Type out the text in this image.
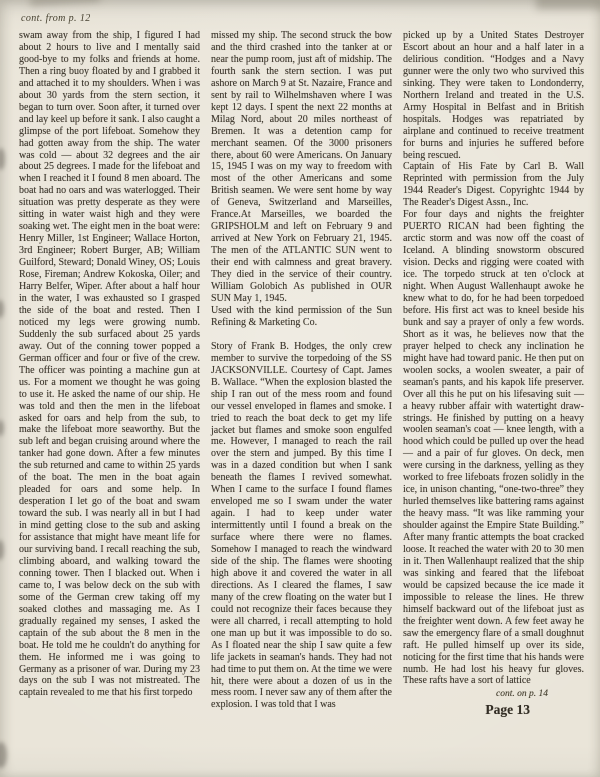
cont. from p. 12

swam away from the ship, I figured I had about 2 hours to live and I mentally said good-bye to my folks and friends at home. Then a ring buoy floated by and I grabbed it and attached it to my shoulders. When i was about 30 yards from the stern section, it began to turn over. Soon after, it turned over and lay keel up before it sank. I also caught a glimpse of the port lifeboat. Somehow they had gotten away from the ship. The water was cold — about 32 degrees and the air about 25 degrees. I made for the lifeboat and when I reached it I found 8 men aboard. The boat had no oars and was waterlogged. Their situation was pretty desperate as they were sitting in water waist high and they were soaking wet. The eight men in the boat were: Henry Miller, 1st Engineer; Wallace Horton, 3rd Engineer; Robert Burger, AB; William Guilford, Steward; Donald Winey, OS; Louis Rose, Fireman; Andrew Kokoska, Oiler; and Harry Belfer, Wiper. After about a half hour in the water, I was exhausted so I grasped the side of the boat and rested. Then I noticed my legs were growing numb. Suddenly the sub surfaced about 25 yards away. Out of the conning tower popped a German officer and four or five of the crew. The officer was pointing a machine gun at us. For a moment we thought he was going to use it. He asked the name of our ship. He was told and then the men in the lifeboat asked for oars and help from the sub, to make the lifeboat more seaworthy. But the sub left and began cruising around where the tanker had gone down. After a few minutes the sub returned and came to within 25 yards of the boat. The men in the boat again pleaded for oars and some help. In desperation I let go of the boat and swam toward the sub. I was nearly all in but I had in mind getting close to the sub and asking for assistance that might have meant life for our surviving band. I recall reaching the sub, climbing aboard, and walking toward the conning tower. Then I blacked out. When i came to, I was below deck on the sub with some of the German crew taking off my soaked clothes and massaging me. As I gradually regained my senses, I asked the captain of the sub about the 8 men in the boat. He told me he couldn't do anything for them. He informed me i was going to Germany as a prisoner of war. During my 23 days on the sub I was not mistreated. The captain revealed to me that his first torpedo

missed my ship. The second struck the bow and the third crashed into the tanker at or near the pump room, just aft of midship. The fourth sank the stern section. I was put ashore on March 9 at St. Nazaire, France and sent by rail to Wilhelmshaven where I was kept 12 days. I spent the next 22 months at Milag Nord, about 20 miles northeast of Bremen. It was a detention camp for merchant seamen. Of the 3000 prisoners there, about 60 were Americans. On January 15, 1945 I was on my way to freedom with most of the other Americans and some British seamen. We were sent home by way of Geneva, Switzerland and Marseilles, France.At Marseilles, we boarded the GRIPSHOLM and left on February 9 and arrived at New York on February 21, 1945. The men of the ATLANTIC SUN went to their end with calmness and great bravery. They died in the service of their country. William Golobich As published in OUR SUN May 1, 1945.

Used with the kind permission of the Sun Refining & Marketing Co.

Story of Frank B. Hodges, the only crew member to survive the torpedoing of the SS JACKSONVILLE. Courtesy of Capt. James B. Wallace. “When the explosion blasted the ship I ran out of the mess room and found our vessel enveloped in flames and smoke. I tried to reach the boat deck to get my life jacket but flames and smoke soon engulfed me. However, I managed to reach the rail over the stern and jumped. By this time I was in a dazed condition but when I sank beneath the flames I revived somewhat. When I came to the surface I found flames enveloped me so I swam under the water again. I had to keep under water intermittently until I found a break on the surface where there were no flames. Somehow I managed to reach the windward side of the ship. The flames were shooting high above it and covered the water in all directions. As I cleared the flames, I saw many of the crew floating on the water but I could not recognize their faces because they were all charred, i recall attempting to hold one man up but it was impossible to do so. As I floated near the ship I saw quite a few life jackets in seaman's hands. They had not had time to put them on. At the time we were hit, there were about a dozen of us in the mess room. I never saw any of them after the explosion. I was told that I was

picked up by a United States Destroyer Escort about an hour and a half later in a delirious condition. “Hodges and a Navy gunner were the only two who survived this sinking. They were taken to Londonderry, Northern Ireland and treated in the U.S. Army Hospital in Belfast and in British hospitals. Hodges was repatriated by airplane and continued to receive treatment for burns and injuries he suffered before being rescued.

Captain of His Fate by Carl B. Wall Reprinted with permission from the July 1944 Reader's Digest. Copyrightc 1944 by The Reader's Digest Assn., Inc.

For four days and nights the freighter PUERTO RICAN had been fighting the arctic storm and was now off the coast of Iceland. A blinding snowstorm obscured vision. Decks and rigging were coated with ice. The torpedo struck at ten o'clock at night. When August Wallenhaupt awoke he knew what to do, for he had been torpedoed before. His first act was to kneel beside his bunk and say a prayer of only a few words. Short as it was, he believes now that the prayer helped to check any inclination he might have had toward panic. He then put on woolen socks, a woolen sweater, a pair of seaman's pants, and his kapok life preserver. Over all this he put on his lifesaving suit — a heavy rubber affair with watertight draw-strings. He finished by putting on a heavy woolen seaman's coat — knee length, with a hood which could be pulled up over the head — and a pair of fur gloves. On deck, men were cursing in the darkness, yelling as they worked to free lifeboats frozen solidly in the ice, in unison chanting, “one-two-three” they hurled themselves like battering rams against the heavy mass. “It was like ramming your shoulder against the Empire State Building.” After many frantic attempts the boat cracked loose. It reached the water with 20 to 30 men in it. Then Wallenhaupt realized that the ship was sinking and feared that the lifeboat would be capsized because the ice made it impossible to release the lines. He threw himself backward out of the lifeboat just as the freighter went down. A few feet away he saw the emergency flare of a small doughnut raft. He pulled himself up over its side, noticing for the first time that his hands were numb. He had lost his heavy fur gloves. These rafts have a sort of lattice

cont. on p. 14
Page 13
